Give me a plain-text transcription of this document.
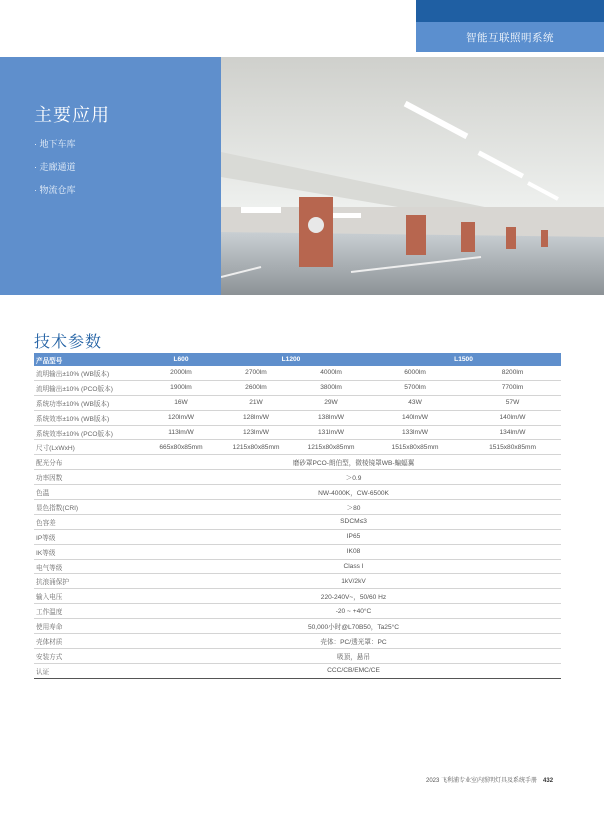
智能互联照明系统
主要应用
· 地下车库
· 走廊通道
· 物流仓库
技术参数
产品型号	L600	L1200		L1500	
流明输出±10% (WB版本)	2000lm	2700lm	4000lm	6000lm	8200lm
流明输出±10% (PCO版本)	1900lm	2600lm	3800lm	5700lm	7700lm
系统功率±10% (WB版本)	16W	21W	29W	43W	57W
系统效率±10% (WB版本)	120lm/W	128lm/W	138lm/W	140lm/W	140lm/W
系统效率±10% (PCO版本)	113lm/W	123lm/W	131lm/W	133lm/W	134lm/W
尺寸(LxWxH)	665x80x85mm	1215x80x85mm	1215x80x85mm	1515x80x85mm	1515x80x85mm
配光分布	磨砂罩PCO-朗伯型，微棱镜罩WB-蝙蝠翼				
功率因数	＞0.9				
色温	NW-4000K，CW-6500K				
显色指数(CRI)	＞80				
色容差	SDCM≤3				
IP等级	IP65				
IK等级	IK08				
电气等级	Class I				
抗浪涌保护	1kV/2kV				
输入电压	220-240V~，50/60 Hz				
工作温度	-20 ~ +40°C				
使用寿命	50,000小时@L70B50，Ta25°C				
壳体材质	壳体：PC/透光罩：PC				
安装方式	吸顶，悬吊				
认证	CCC/CB/EMC/CE				
2023 飞利浦专业室内照明灯具及系统手册 432
